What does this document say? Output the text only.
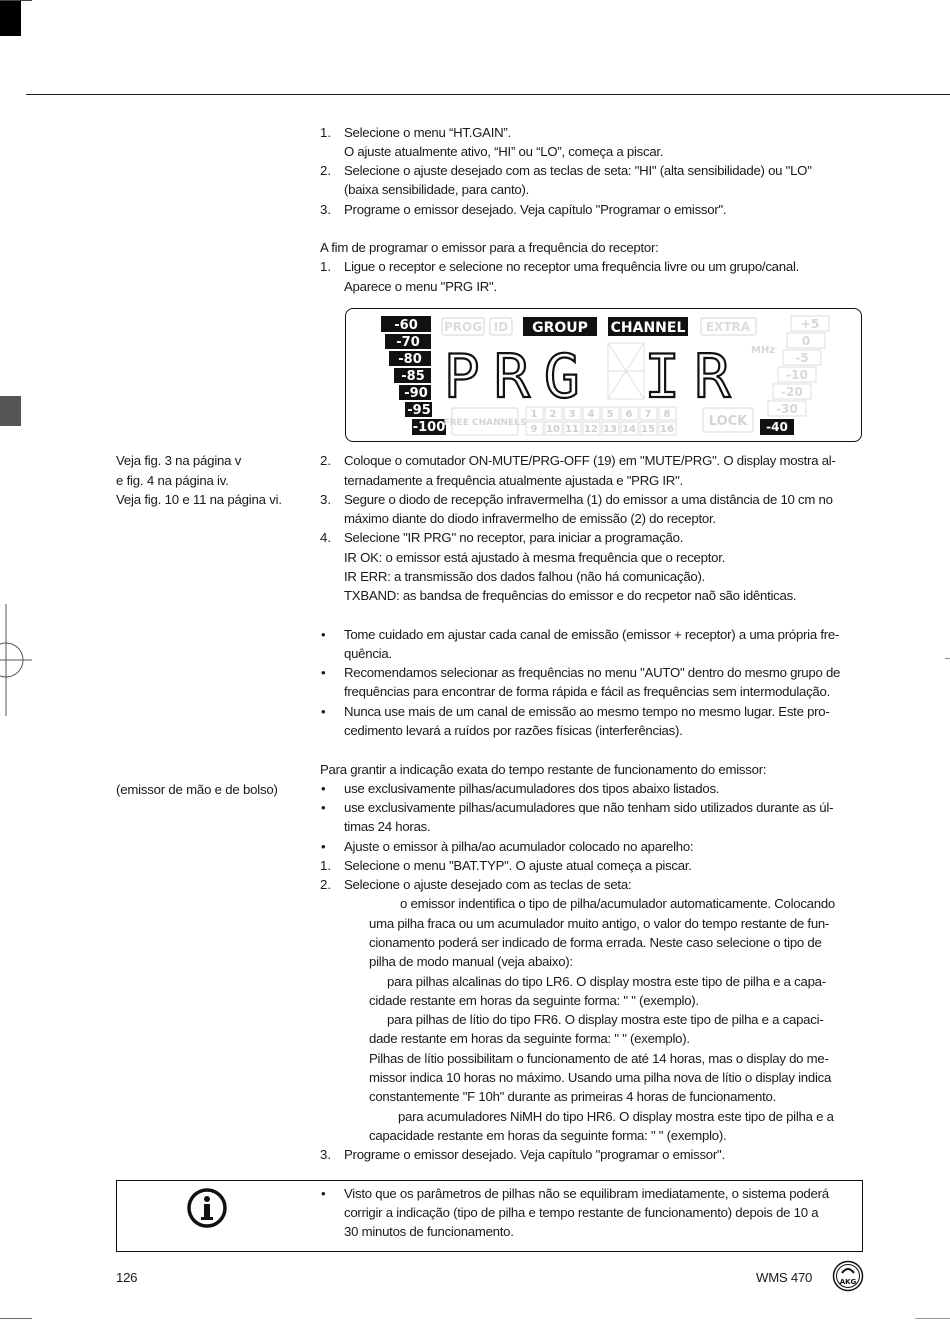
1. Selecione o menu “HT.GAIN”.
O ajuste atualmente ativo, “HI” ou “LO”, começa a piscar.
2. Selecione o ajuste desejado com as teclas de seta: "HI" (alta sensibilidade) ou "LO"
(baixa sensibilidade, para canto).
3. Programe o emissor desejado. Veja capítulo "Programar o emissor".
A fim de programar o emissor para a frequência do receptor:
1. Ligue o receptor e selecione no receptor uma frequência livre ou um grupo/canal.
Aparece o menu "PRG IR".
-60
-70
-80
-85
-90
-95
-100
PROG ID	EXTRA
GROUP CHANNEL
PRG IR MHz
FREE CHANNELS
1 2 3 4 5 6 7 8
9 10 11 12 13 14 15 16
LOCK
+5
0
-5
-10
-20
-30
-40
Veja fig. 3 na página v
e fig. 4 na página iv.
Veja fig. 10 e 11 na página vi.
(emissor de mão e de bolso)
2. Coloque o comutador ON-MUTE/PRG-OFF (19) em "MUTE/PRG". O display mostra al-
ternadamente a frequência atualmente ajustada e "PRG IR".
3. Segure o diodo de recepção infravermelha (1) do emissor a uma distância de 10 cm no
máximo diante do diodo infravermelho de emissão (2) do receptor.
4. Selecione "IR PRG" no receptor, para iniciar a programação.
IR OK: o emissor está ajustado à mesma frequência que o receptor.
IR ERR: a transmissão dos dados falhou (não há comunicação).
TXBAND: as bandsa de frequências do emissor e do recpetor naõ são idênticas.
• Tome cuidado em ajustar cada canal de emissão (emissor + receptor) a uma própria fre-
quência.
• Recomendamos selecionar as frequências no menu "AUTO" dentro do mesmo grupo de
frequências para encontrar de forma rápida e fácil as frequências sem intermodulação.
• Nunca use mais de um canal de emissão ao mesmo tempo no mesmo lugar. Este pro-
cedimento levará a ruídos por razões físicas (interferências).
Para grantir a indicação exata do tempo restante de funcionamento do emissor:
• use exclusivamente pilhas/acumuladores dos tipos abaixo listados.
• use exclusivamente pilhas/acumuladores que não tenham sido utilizados durante as úl-
timas 24 horas.
• Ajuste o emissor à pilha/ao acumulador colocado no aparelho:
1. Selecione o menu "BAT.TYP". O ajuste atual começa a piscar.
2. Selecione o ajuste desejado com as teclas de seta:
o emissor indentifica o tipo de pilha/acumulador automaticamente. Colocando
uma pilha fraca ou um acumulador muito antigo, o valor do tempo restante de fun-
cionamento poderá ser indicado de forma errada. Neste caso selecione o tipo de
pilha de modo manual (veja abaixo):
para pilhas alcalinas do tipo LR6. O display mostra este tipo de pilha e a capa-
cidade restante em horas da seguinte forma: " " (exemplo).
para pilhas de lítio do tipo FR6. O display mostra este tipo de pilha e a capaci-
dade restante em horas da seguinte forma: " " (exemplo).
Pilhas de lítio possibilitam o funcionamento de até 14 horas, mas o display do me-
missor indica 10 horas no máximo. Usando uma pilha nova de lítio o display indica
constantemente "F 10h" durante as primeiras 4 horas de funcionamento.
para acumuladores NiMH do tipo HR6. O display mostra este tipo de pilha e a
capacidade restante em horas da seguinte forma: " " (exemplo).
3. Programe o emissor desejado. Veja capítulo "programar o emissor".
• Visto que os parâmetros de pilhas não se equilibram imediatamente, o sistema poderá
corrigir a indicação (tipo de pilha e tempo restante de funcionamento) depois de 10 a
30 minutos de funcionamento.
126	WMS 470	AKG
